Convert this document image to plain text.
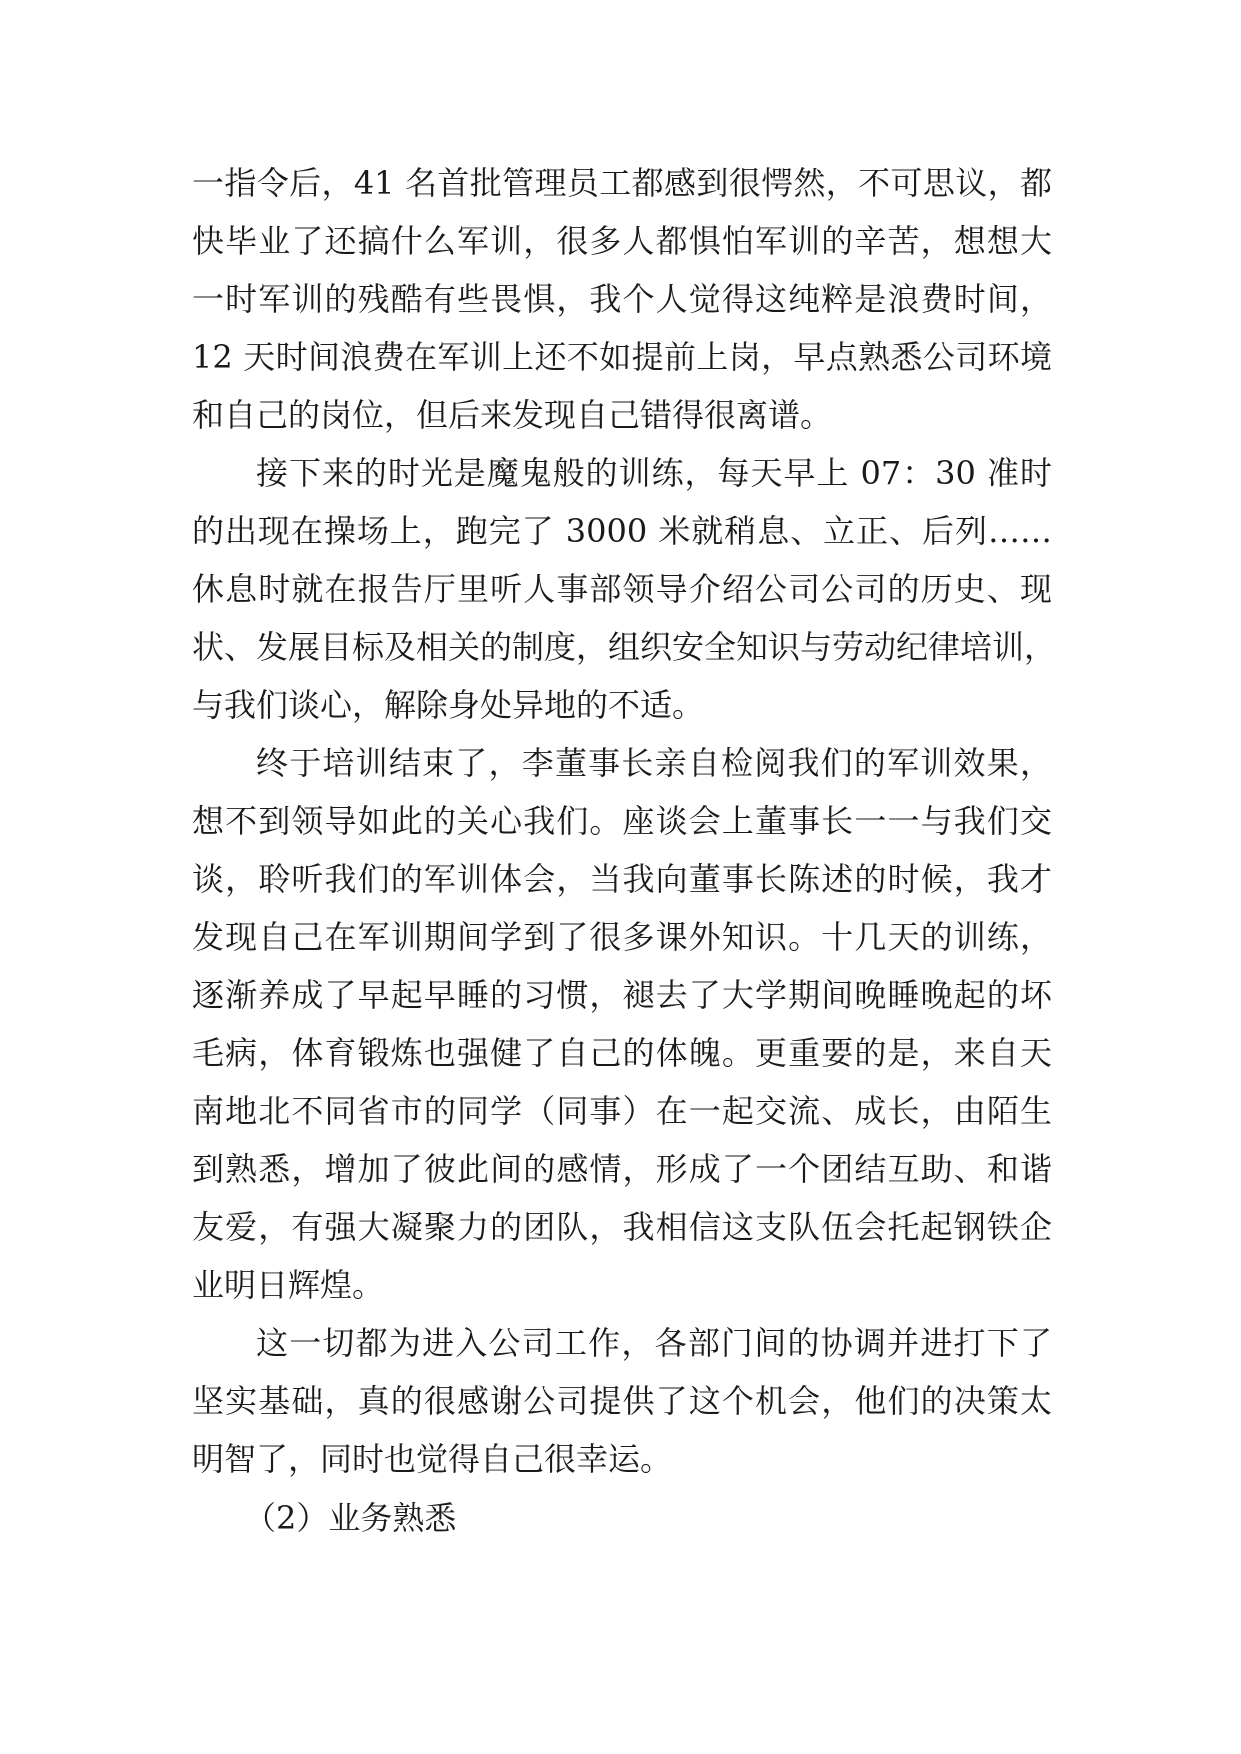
一指令后，41 名首批管理员工都感到很愕然，不可思议，都
快毕业了还搞什么军训，很多人都惧怕军训的辛苦，想想大
一时军训的残酷有些畏惧，我个人觉得这纯粹是浪费时间，
12 天时间浪费在军训上还不如提前上岗，早点熟悉公司环境
和自己的岗位，但后来发现自己错得很离谱。
接下来的时光是魔鬼般的训练，每天早上 07：30 准时
的出现在操场上，跑完了 3000 米就稍息、立正、后列……
休息时就在报告厅里听人事部领导介绍公司公司的历史、现
状、发展目标及相关的制度，组织安全知识与劳动纪律培训，
与我们谈心，解除身处异地的不适。
终于培训结束了，李董事长亲自检阅我们的军训效果，
想不到领导如此的关心我们。座谈会上董事长一一与我们交
谈，聆听我们的军训体会，当我向董事长陈述的时候，我才
发现自己在军训期间学到了很多课外知识。十几天的训练，
逐渐养成了早起早睡的习惯，褪去了大学期间晚睡晚起的坏
毛病，体育锻炼也强健了自己的体魄。更重要的是，来自天
南地北不同省市的同学（同事）在一起交流、成长，由陌生
到熟悉，增加了彼此间的感情，形成了一个团结互助、和谐
友爱，有强大凝聚力的团队，我相信这支队伍会托起钢铁企
业明日辉煌。
这一切都为进入公司工作，各部门间的协调并进打下了
坚实基础，真的很感谢公司提供了这个机会，他们的决策太
明智了，同时也觉得自己很幸运。
（2）业务熟悉
